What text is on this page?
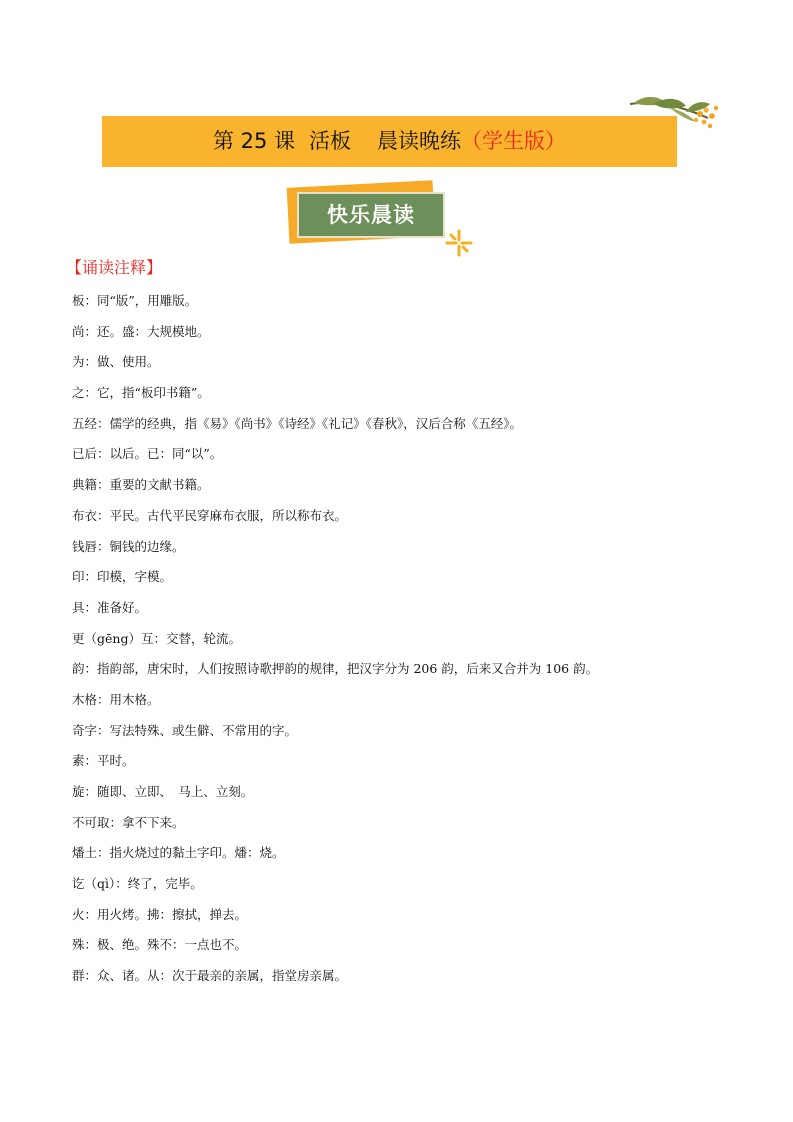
第 25 课 活板 晨读晚练（学生版）
快乐晨读
【诵读注释】
板：同“版”，用雕版。
尚：还。盛：大规模地。
为：做、使用。
之：它，指“板印书籍”。
五经：儒学的经典，指《易》《尚书》《诗经》《礼记》《春秋》，汉后合称《五经》。
已后：以后。已：同“以”。
典籍：重要的文献书籍。
布衣：平民。古代平民穿麻布衣服，所以称布衣。
钱唇：铜钱的边缘。
印：印模，字模。
具：准备好。
更（gēng）互：交替，轮流。
韵：指韵部，唐宋时，人们按照诗歌押韵的规律，把汉字分为 206 韵，后来又合并为 106 韵。
木格：用木格。
奇字：写法特殊、或生僻、不常用的字。
素：平时。
旋：随即、立即、　马上、立刻。
不可取：拿不下来。
燔土：指火烧过的黏土字印。燔：烧。
讫（qì）：终了，完毕。
火：用火烤。拂：擦拭，掸去。
殊：极、绝。殊不：一点也不。
群：众、诸。从：次于最亲的亲属，指堂房亲属。
